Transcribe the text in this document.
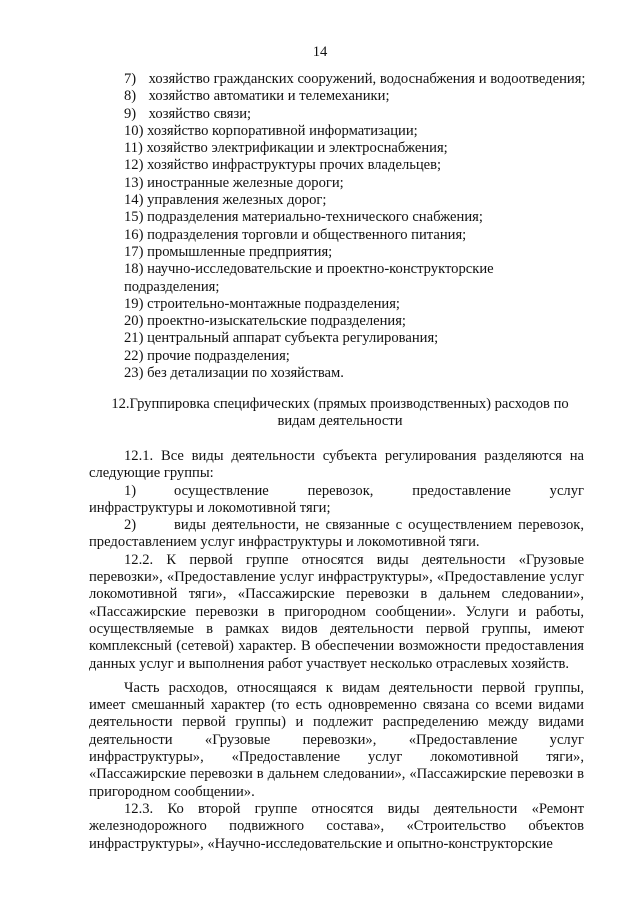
14
7) хозяйство гражданских сооружений, водоснабжения и водоотведения;
8) хозяйство автоматики и телемеханики;
9) хозяйство связи;
10) хозяйство корпоративной информатизации;
11) хозяйство электрификации и электроснабжения;
12) хозяйство инфраструктуры прочих владельцев;
13) иностранные железные дороги;
14) управления железных дорог;
15) подразделения материально-технического снабжения;
16) подразделения торговли и общественного питания;
17) промышленные предприятия;
18) научно-исследовательские и проектно-конструкторские подразделения;
19) строительно-монтажные подразделения;
20) проектно-изыскательские подразделения;
21) центральный аппарат субъекта регулирования;
22) прочие подразделения;
23) без детализации по хозяйствам.
12.Группировка специфических (прямых производственных) расходов по видам деятельности

12.1. Все виды деятельности субъекта регулирования разделяются на следующие группы:

1)	осуществление перевозок, предоставление услуг инфраструктуры и локомотивной тяги;

2)	виды деятельности, не связанные с осуществлением перевозок, предоставлением услуг инфраструктуры и локомотивной тяги.

12.2. К первой группе относятся виды деятельности «Грузовые перевозки», «Предоставление услуг инфраструктуры», «Предоставление услуг локомотивной тяги», «Пассажирские перевозки в дальнем следовании», «Пассажирские перевозки в пригородном сообщении». Услуги и работы, осуществляемые в рамках видов деятельности первой группы, имеют комплексный (сетевой) характер. В обеспечении возможности предоставления данных услуг и выполнения работ участвует несколько отраслевых хозяйств.

Часть расходов, относящаяся к видам деятельности первой группы, имеет смешанный характер (то есть одновременно связана со всеми видами деятельности первой группы) и подлежит распределению между видами деятельности «Грузовые перевозки», «Предоставление услуг инфраструктуры», «Предоставление услуг локомотивной тяги», «Пассажирские перевозки в дальнем следовании», «Пассажирские перевозки в пригородном сообщении».

12.3. Ко второй группе относятся виды деятельности «Ремонт железнодорожного подвижного состава», «Строительство объектов инфраструктуры», «Научно-исследовательские и опытно-конструкторские
